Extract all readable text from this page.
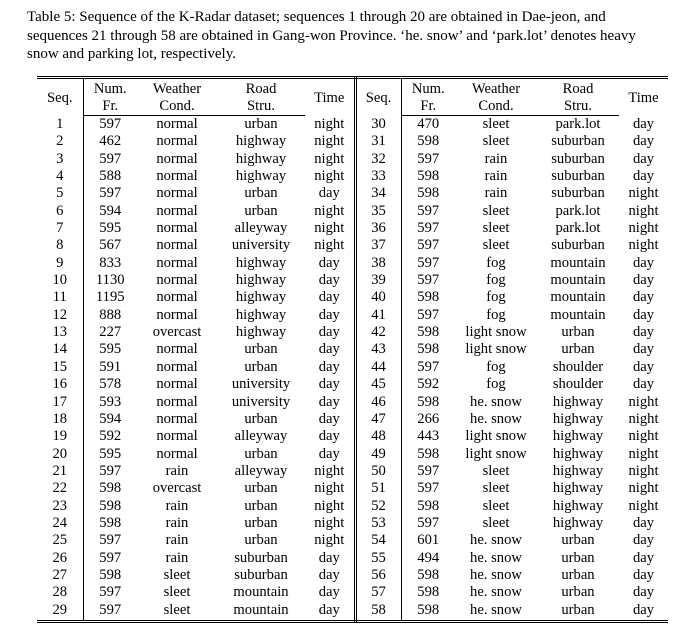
Table 5: Sequence of the K-Radar dataset; sequences 1 through 20 are obtained in Dae-jeon, and sequences 21 through 58 are obtained in Gang-won Province. ‘he. snow’ and ‘park.lot’ denotes heavy snow and parking lot, respectively.
Seq.	Num.	Weather	Road	Time	Seq.	Num.	Weather	Road	Time
	Fr.	Cond.	Stru.			Fr.	Cond.	Stru.	
1	597	normal	urban	night	30	470	sleet	park.lot	day
2	462	normal	highway	night	31	598	sleet	suburban	day
3	597	normal	highway	night	32	597	rain	suburban	day
4	588	normal	highway	night	33	598	rain	suburban	day
5	597	normal	urban	day	34	598	rain	suburban	night
6	594	normal	urban	night	35	597	sleet	park.lot	night
7	595	normal	alleyway	night	36	597	sleet	park.lot	night
8	567	normal	university	night	37	597	sleet	suburban	night
9	833	normal	highway	day	38	597	fog	mountain	day
10	1130	normal	highway	day	39	597	fog	mountain	day
11	1195	normal	highway	day	40	598	fog	mountain	day
12	888	normal	highway	day	41	597	fog	mountain	day
13	227	overcast	highway	day	42	598	light snow	urban	day
14	595	normal	urban	day	43	598	light snow	urban	day
15	591	normal	urban	day	44	597	fog	shoulder	day
16	578	normal	university	day	45	592	fog	shoulder	day
17	593	normal	university	day	46	598	he. snow	highway	night
18	594	normal	urban	day	47	266	he. snow	highway	night
19	592	normal	alleyway	day	48	443	light snow	highway	night
20	595	normal	urban	day	49	598	light snow	highway	night
21	597	rain	alleyway	night	50	597	sleet	highway	night
22	598	overcast	urban	night	51	597	sleet	highway	night
23	598	rain	urban	night	52	598	sleet	highway	night
24	598	rain	urban	night	53	597	sleet	highway	day
25	597	rain	urban	night	54	601	he. snow	urban	day
26	597	rain	suburban	day	55	494	he. snow	urban	day
27	598	sleet	suburban	day	56	598	he. snow	urban	day
28	597	sleet	mountain	day	57	598	he. snow	urban	day
29	597	sleet	mountain	day	58	598	he. snow	urban	day
